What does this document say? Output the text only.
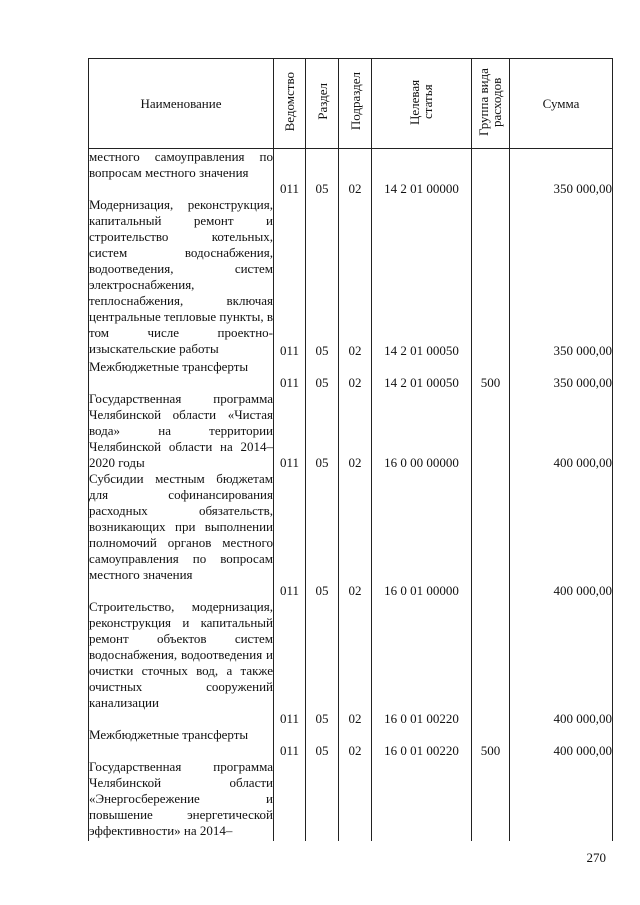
Наименование	Ведомство	Раздел	Подраздел	Целевая статья	Группа вида расходов	Сумма
местного самоуправления по вопросам местного значения	011	05	02	14 2 01 00000		350 000,00
Модернизация, реконструкция, капитальный ремонт и строительство котельных, систем водоснабжения, водоотведения, систем электроснабжения, теплоснабжения, включая центральные тепловые пункты, в том числе проектно-изыскательские работы	011	05	02	14 2 01 00050		350 000,00
Межбюджетные трансферты	011	05	02	14 2 01 00050	500	350 000,00
Государственная программа Челябинской области «Чистая вода» на территории Челябинской области на 2014–2020 годы	011	05	02	16 0 00 00000		400 000,00
Субсидии местным бюджетам для софинансирования расходных обязательств, возникающих при выполнении полномочий органов местного самоуправления по вопросам местного значения	011	05	02	16 0 01 00000		400 000,00
Строительство, модернизация, реконструкция и капитальный ремонт объектов систем водоснабжения, водоотведения и очистки сточных вод, а также очистных сооружений канализации	011	05	02	16 0 01 00220		400 000,00
Межбюджетные трансферты	011	05	02	16 0 01 00220	500	400 000,00
Государственная программа Челябинской области «Энергосбережение и повышение энергетической эффективности» на 2014–						
270
